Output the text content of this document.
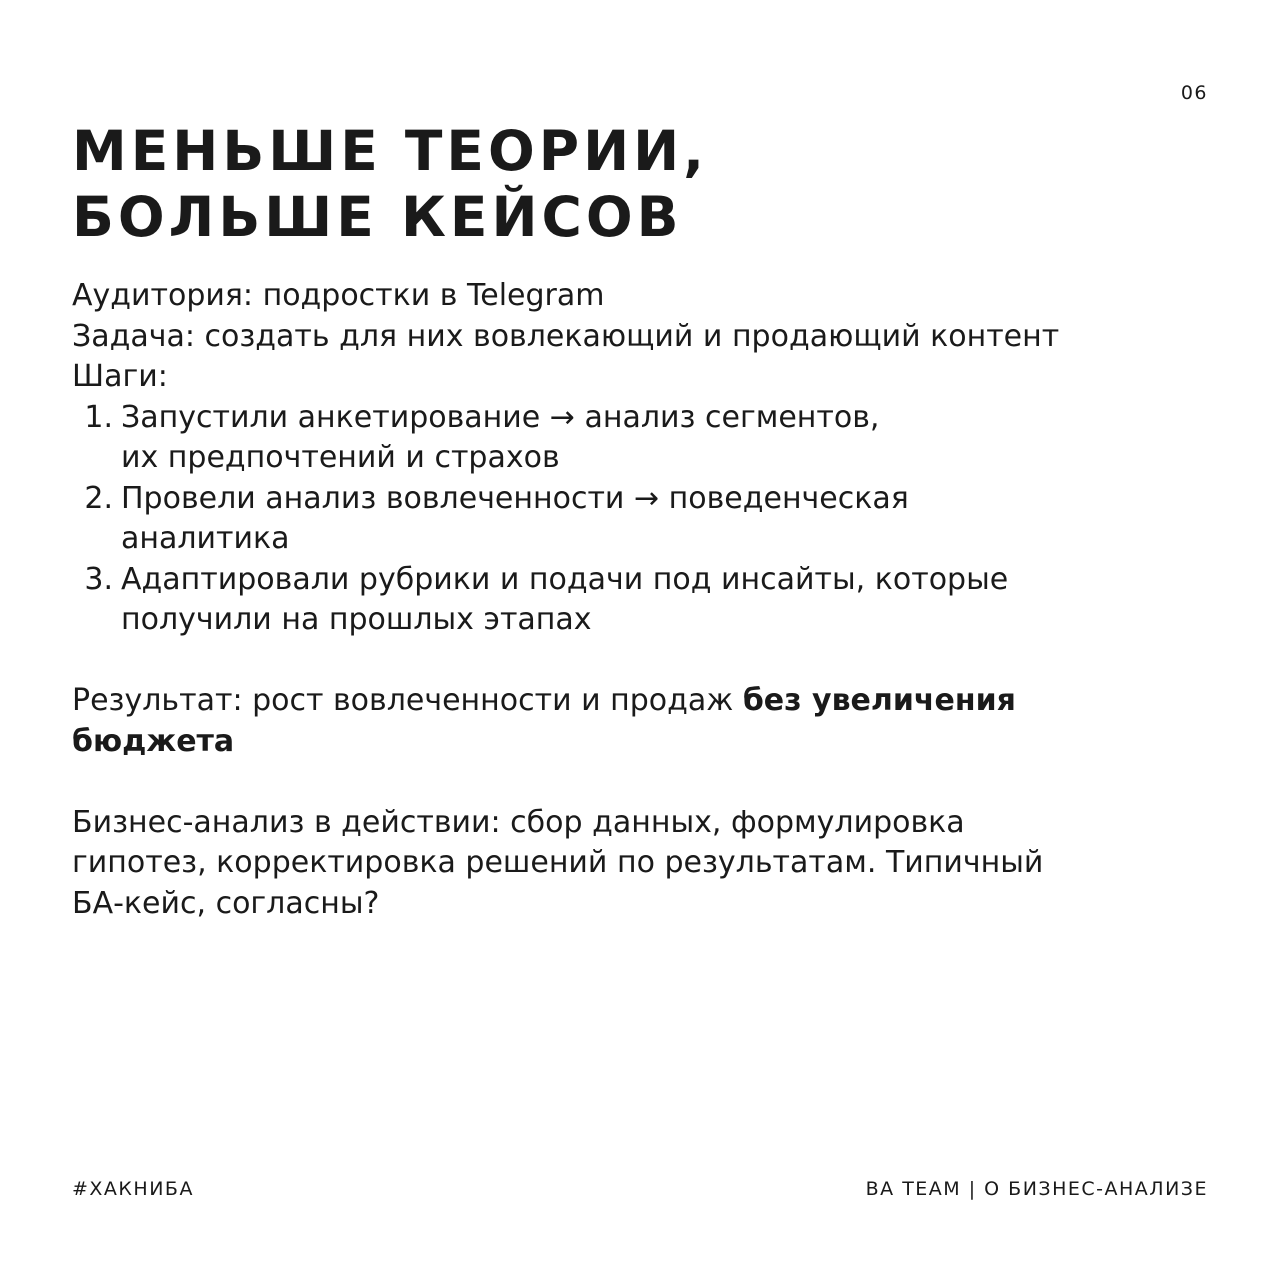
06
МЕНЬШЕ ТЕОРИИ,
БОЛЬШЕ КЕЙСОВ

Аудитория: подростки в Telegram

Задача: создать для них вовлекающий и продающий контент

Шаги:

1. Запустили анкетирование → анализ сегментов,
их предпочтений и страхов
2. Провели анализ вовлеченности → поведенческая
аналитика
3. Адаптировали рубрики и подачи под инсайты, которые
получили на прошлых этапах

Результат: рост вовлеченности и продаж без увеличения

бюджета

Бизнес-анализ в действии: сбор данных, формулировка

гипотез, корректировка решений по результатам. Типичный

БА-кейс, согласны?

#ХАКНИБА	BA TEAM | О БИЗНЕС-АНАЛИЗЕ
